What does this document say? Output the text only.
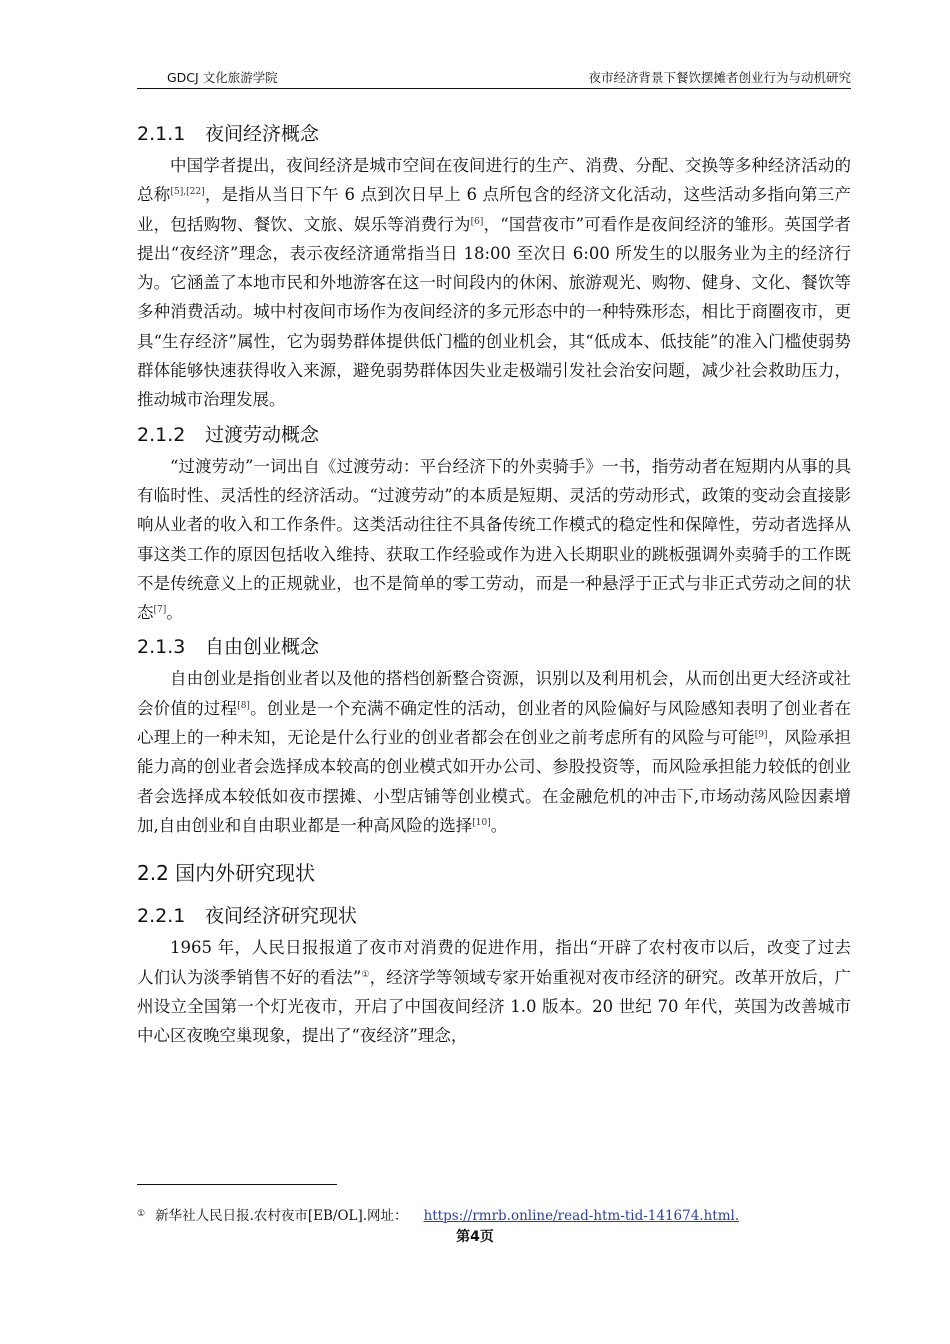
GDCJ 文化旅游学院	夜市经济背景下餐饮摆摊者创业行为与动机研究
2.1.1 夜间经济概念

中国学者提出，夜间经济是城市空间在夜间进行的生产、消费、分配、交换等多种经济活动的总称[5],[22]，是指从当日下午 6 点到次日早上 6 点所包含的经济文化活动，这些活动多指向第三产业，包括购物、餐饮、文旅、娱乐等消费行为[6]，“国营夜市”可看作是夜间经济的雏形。英国学者提出“夜经济”理念，表示夜经济通常指当日 18:00 至次日 6:00 所发生的以服务业为主的经济行为。它涵盖了本地市民和外地游客在这一时间段内的休闲、旅游观光、购物、健身、文化、餐饮等多种消费活动。城中村夜间市场作为夜间经济的多元形态中的一种特殊形态，相比于商圈夜市，更具“生存经济”属性，它为弱势群体提供低门槛的创业机会，其“低成本、低技能”的准入门槛使弱势群体能够快速获得收入来源，避免弱势群体因失业走极端引发社会治安问题，减少社会救助压力，推动城市治理发展。

2.1.2 过渡劳动概念

“过渡劳动”一词出自《过渡劳动：平台经济下的外卖骑手》一书，指劳动者在短期内从事的具有临时性、灵活性的经济活动。“过渡劳动”的本质是短期、灵活的劳动形式，政策的变动会直接影响从业者的收入和工作条件。这类活动往往不具备传统工作模式的稳定性和保障性，劳动者选择从事这类工作的原因包括收入维持、获取工作经验或作为进入长期职业的跳板强调外卖骑手的工作既不是传统意义上的正规就业，也不是简单的零工劳动，而是一种悬浮于正式与非正式劳动之间的状态[7]。

2.1.3 自由创业概念

自由创业是指创业者以及他的搭档创新整合资源，识别以及利用机会，从而创出更大经济或社会价值的过程[8]。创业是一个充满不确定性的活动，创业者的风险偏好与风险感知表明了创业者在心理上的一种未知，无论是什么行业的创业者都会在创业之前考虑所有的风险与可能[9]，风险承担能力高的创业者会选择成本较高的创业模式如开办公司、参股投资等，而风险承担能力较低的创业者会选择成本较低如夜市摆摊、小型店铺等创业模式。在金融危机的冲击下,市场动荡风险因素增加,自由创业和自由职业都是一种高风险的选择[10]。

2.2 国内外研究现状
2.2.1 夜间经济研究现状

1965 年，人民日报报道了夜市对消费的促进作用，指出“开辟了农村夜市以后，改变了过去人们认为淡季销售不好的看法”①，经济学等领域专家开始重视对夜市经济的研究。改革开放后，广州设立全国第一个灯光夜市，开启了中国夜间经济 1.0 版本。20 世纪 70 年代，英国为改善城市中心区夜晚空巢现象，提出了“夜经济”理念，

① 新华社人民日报.农村夜市[EB/OL].网址： https://rmrb.online/read-htm-tid-141674.html.
第4页
